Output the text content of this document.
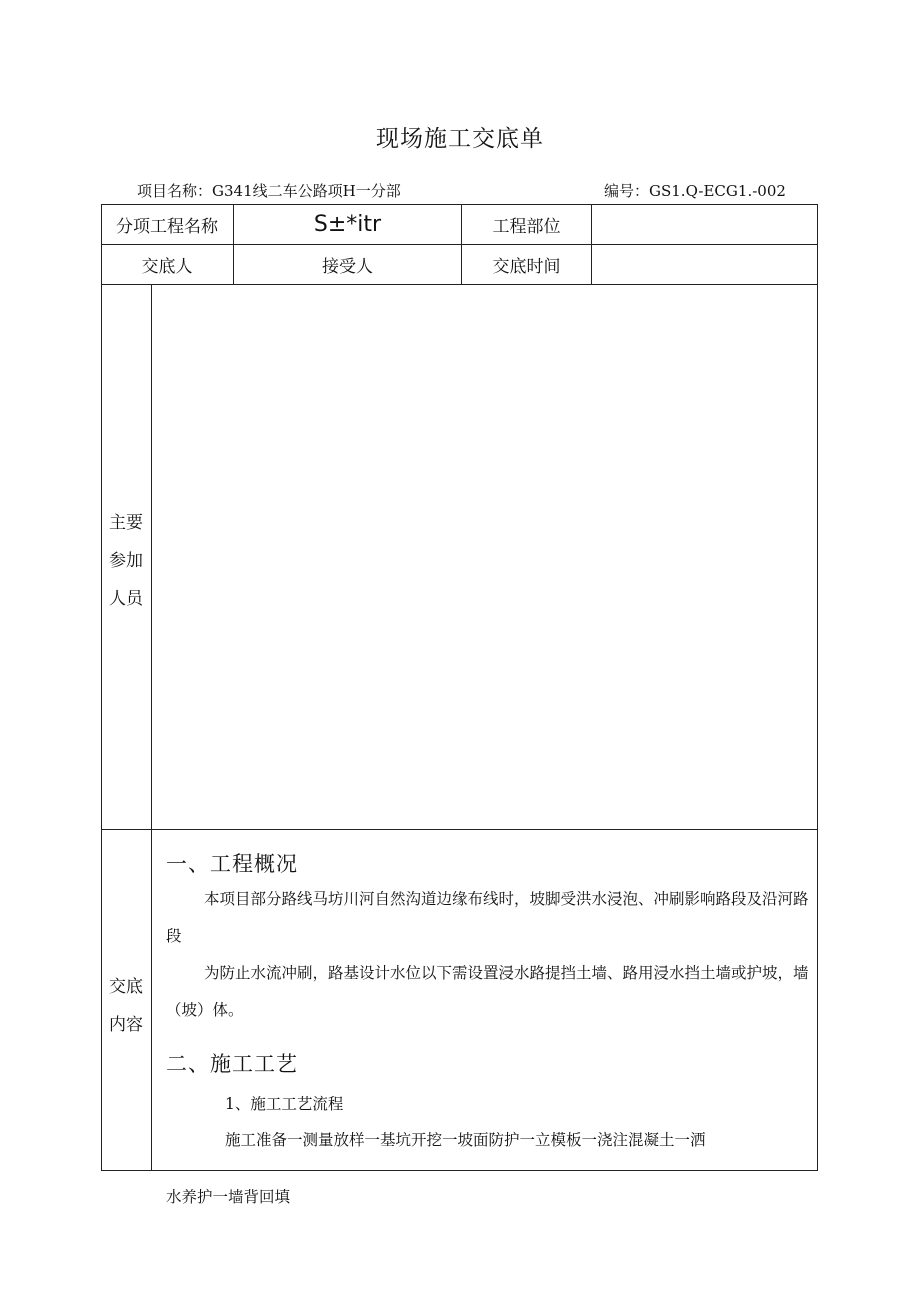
现场施工交底单
项目名称：G341线二车公路项H一分部	编号：GS1.Q-ECG1.-002
分项工程名称	S±*itr	工程部位
交底人	接受人	交底时间
主要
参加
人员
交底
内容
一、工程概况
本项目部分路线马坊川河自然沟道边缘布线时，坡脚受洪水浸泡、冲刷影响路段及沿河路段
为防止水流冲刷，路基设计水位以下需设置浸水路提挡土墙、路用浸水挡土墙或护坡，墙（坡）体。
二、施工工艺
1、施工工艺流程
施工准备一测量放样一基坑开挖一坡面防护一立模板一浇注混凝土一洒
水养护一墙背回填
